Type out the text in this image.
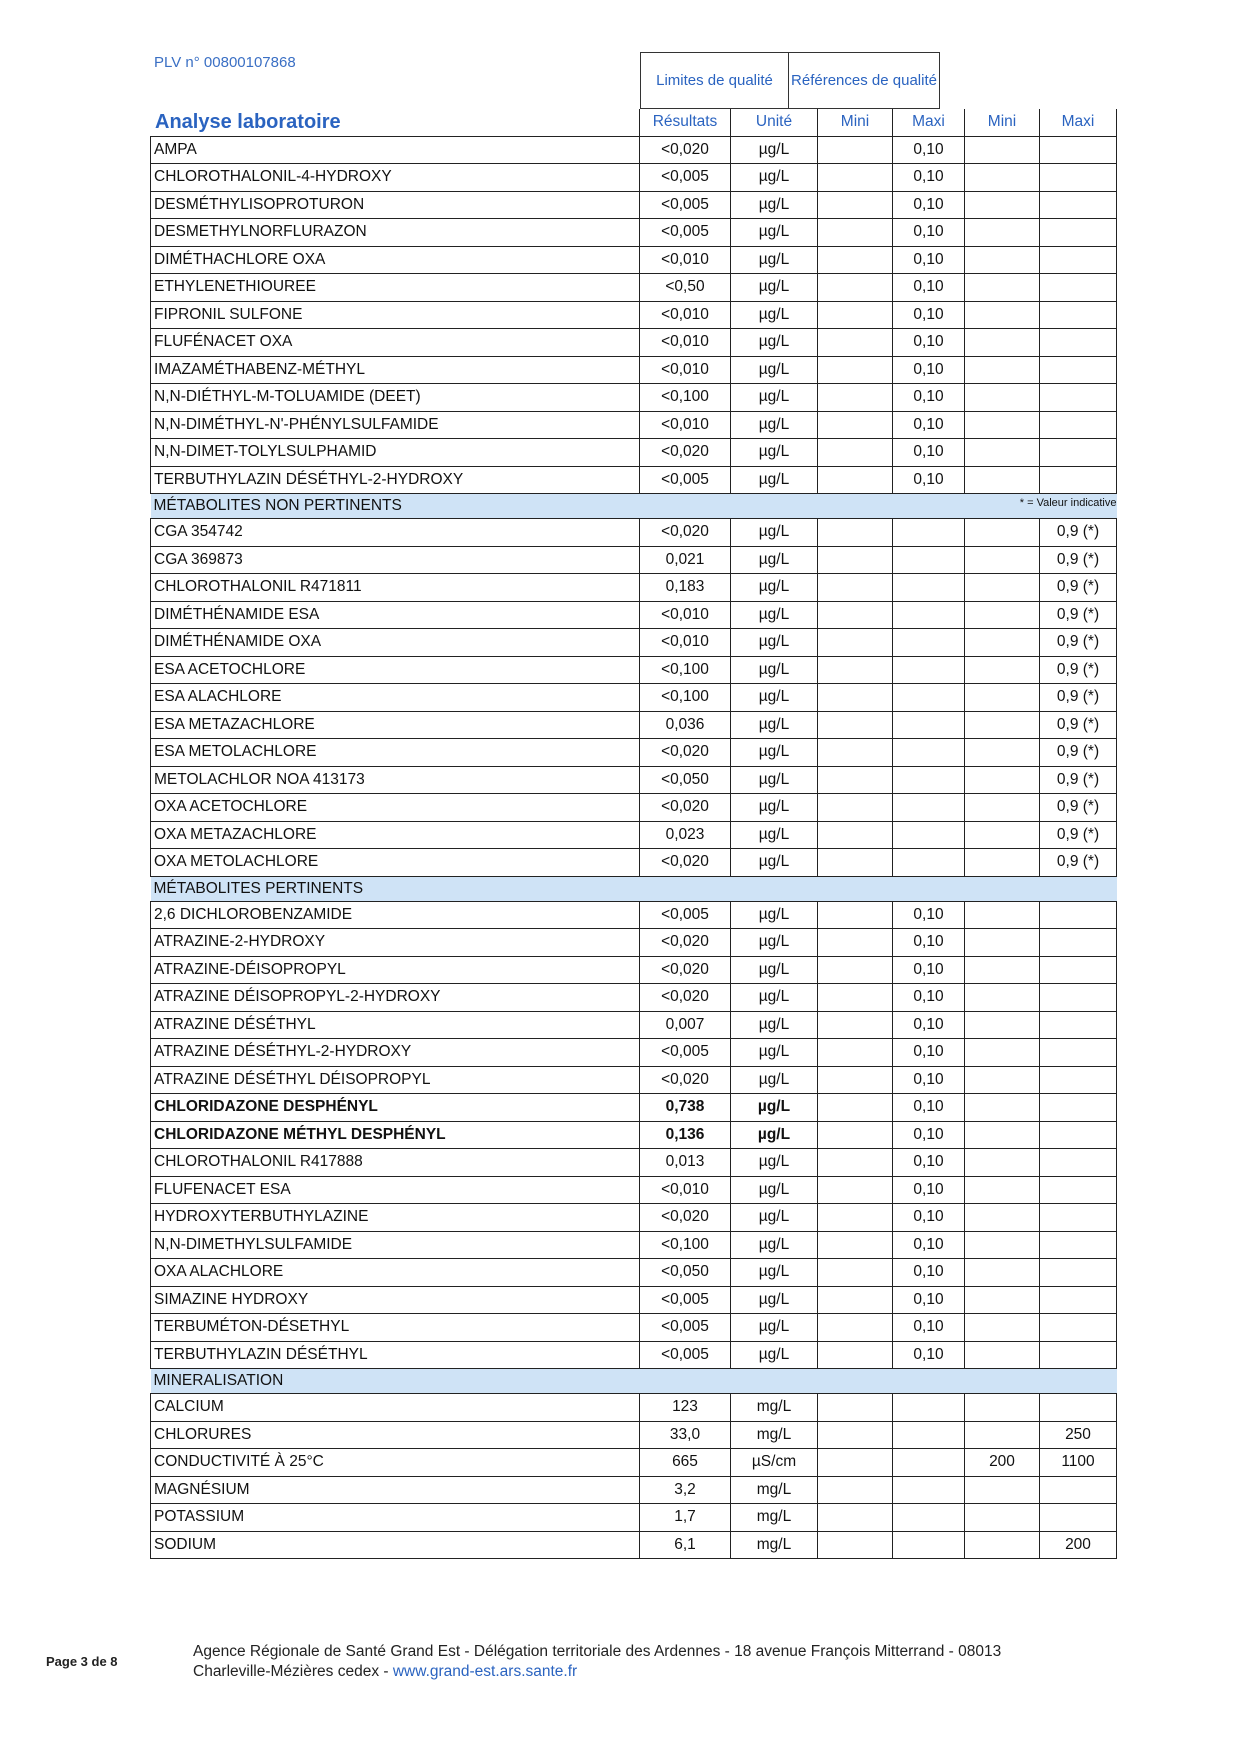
PLV n° 00800107868
Limites de qualité	Références de qualité
	Résultats	Unité	Mini	Maxi	Mini	Maxi
AMPA	<0,020	µg/L		0,10		
CHLOROTHALONIL-4-HYDROXY	<0,005	µg/L		0,10		
DESMÉTHYLISOPROTURON	<0,005	µg/L		0,10		
DESMETHYLNORFLURAZON	<0,005	µg/L		0,10		
DIMÉTHACHLORE OXA	<0,010	µg/L		0,10		
ETHYLENETHIOUREE	<0,50	µg/L		0,10		
FIPRONIL SULFONE	<0,010	µg/L		0,10		
FLUFÉNACET OXA	<0,010	µg/L		0,10		
IMAZAMÉTHABENZ-MÉTHYL	<0,010	µg/L		0,10		
N,N-DIÉTHYL-M-TOLUAMIDE (DEET)	<0,100	µg/L		0,10		
N,N-DIMÉTHYL-N'-PHÉNYLSULFAMIDE	<0,010	µg/L		0,10		
N,N-DIMET-TOLYLSULPHAMID	<0,020	µg/L		0,10		
TERBUTHYLAZIN DÉSÉTHYL-2-HYDROXY	<0,005	µg/L		0,10		
MÉTABOLITES NON PERTINENTS * = Valeur indicative						

CGA 354742	<0,020	µg/L				0,9 (*)
CGA 369873	0,021	µg/L				0,9 (*)
CHLOROTHALONIL R471811	0,183	µg/L				0,9 (*)
DIMÉTHÉNAMIDE ESA	<0,010	µg/L				0,9 (*)
DIMÉTHÉNAMIDE OXA	<0,010	µg/L				0,9 (*)
ESA ACETOCHLORE	<0,100	µg/L				0,9 (*)
ESA ALACHLORE	<0,100	µg/L				0,9 (*)
ESA METAZACHLORE	0,036	µg/L				0,9 (*)
ESA METOLACHLORE	<0,020	µg/L				0,9 (*)
METOLACHLOR NOA 413173	<0,050	µg/L				0,9 (*)
OXA ACETOCHLORE	<0,020	µg/L				0,9 (*)
OXA METAZACHLORE	0,023	µg/L				0,9 (*)
OXA METOLACHLORE	<0,020	µg/L				0,9 (*)
MÉTABOLITES PERTINENTS						
2,6 DICHLOROBENZAMIDE	<0,005	µg/L		0,10		
ATRAZINE-2-HYDROXY	<0,020	µg/L		0,10		
ATRAZINE-DÉISOPROPYL	<0,020	µg/L		0,10		
ATRAZINE DÉISOPROPYL-2-HYDROXY	<0,020	µg/L		0,10		
ATRAZINE DÉSÉTHYL	0,007	µg/L		0,10		
ATRAZINE DÉSÉTHYL-2-HYDROXY	<0,005	µg/L		0,10		
ATRAZINE DÉSÉTHYL DÉISOPROPYL	<0,020	µg/L		0,10		
CHLORIDAZONE DESPHÉNYL	0,738	µg/L		0,10		
CHLORIDAZONE MÉTHYL DESPHÉNYL	0,136	µg/L		0,10		
CHLOROTHALONIL R417888	0,013	µg/L		0,10		
FLUFENACET ESA	<0,010	µg/L		0,10		
HYDROXYTERBUTHYLAZINE	<0,020	µg/L		0,10		
N,N-DIMETHYLSULFAMIDE	<0,100	µg/L		0,10		
OXA ALACHLORE	<0,050	µg/L		0,10		
SIMAZINE HYDROXY	<0,005	µg/L		0,10		
TERBUMÉTON-DÉSETHYL	<0,005	µg/L		0,10		
TERBUTHYLAZIN DÉSÉTHYL	<0,005	µg/L		0,10		
MINERALISATION						
CALCIUM	123	mg/L				
CHLORURES	33,0	mg/L				250
CONDUCTIVITÉ À 25°C	665	µS/cm			200	1100
MAGNÉSIUM	3,2	mg/L				
POTASSIUM	1,7	mg/L				
SODIUM	6,1	mg/L				200
Analyse laboratoire
Page 3 de 8
Agence Régionale de Santé Grand Est - Délégation territoriale des Ardennes - 18 avenue François Mitterrand - 08013
Charleville-Mézières cedex - www.grand-est.ars.sante.fr
